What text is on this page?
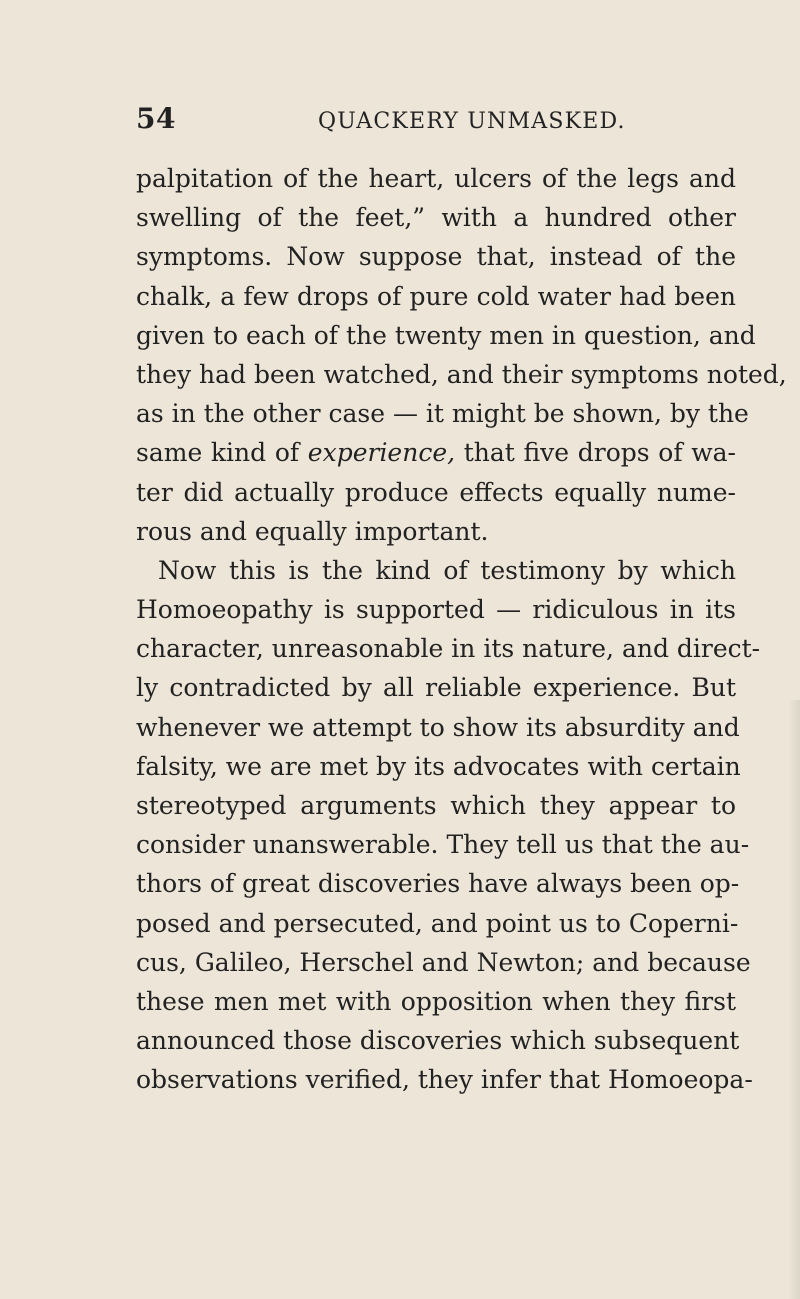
54	QUACKERY UNMASKED.
palpitation of the heart, ulcers of the legs and
swelling of the feet,” with a hundred other
symptoms. Now suppose that, instead of the
chalk, a few drops of pure cold water had been
given to each of the twenty men in question, and
they had been watched, and their symptoms noted,
as in the other case — it might be shown, by the
same kind of experience, that five drops of wa-
ter did actually produce effects equally nume-
rous and equally important.
Now this is the kind of testimony by which
Homoeopathy is supported — ridiculous in its
character, unreasonable in its nature, and direct-
ly contradicted by all reliable experience. But
whenever we attempt to show its absurdity and
falsity, we are met by its advocates with certain
stereotyped arguments which they appear to
consider unanswerable. They tell us that the au-
thors of great discoveries have always been op-
posed and persecuted, and point us to Coperni-
cus, Galileo, Herschel and Newton; and because
these men met with opposition when they first
announced those discoveries which subsequent
observations verified, they infer that Homoeopa-
